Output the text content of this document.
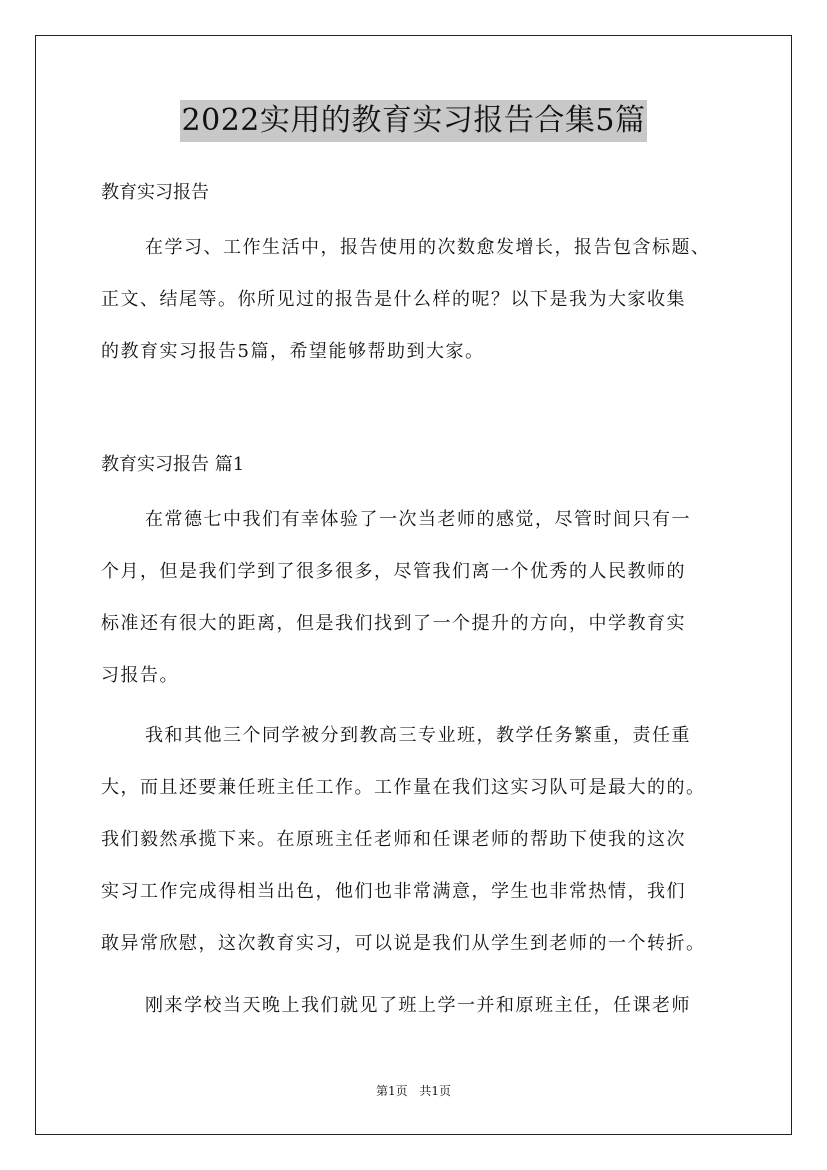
2022实用的教育实习报告合集5篇
教育实习报告
在学习、工作生活中，报告使用的次数愈发增长，报告包含标题、
正文、结尾等。你所见过的报告是什么样的呢？以下是我为大家收集
的教育实习报告5篇，希望能够帮助到大家。
教育实习报告 篇1
在常德七中我们有幸体验了一次当老师的感觉，尽管时间只有一
个月，但是我们学到了很多很多，尽管我们离一个优秀的人民教师的
标准还有很大的距离，但是我们找到了一个提升的方向，中学教育实
习报告。
我和其他三个同学被分到教高三专业班，教学任务繁重，责任重
大，而且还要兼任班主任工作。工作量在我们这实习队可是最大的的。
我们毅然承揽下来。在原班主任老师和任课老师的帮助下使我的这次
实习工作完成得相当出色，他们也非常满意，学生也非常热情，我们
敢异常欣慰，这次教育实习，可以说是我们从学生到老师的一个转折。
刚来学校当天晚上我们就见了班上学一并和原班主任，任课老师
第1页 共1页
